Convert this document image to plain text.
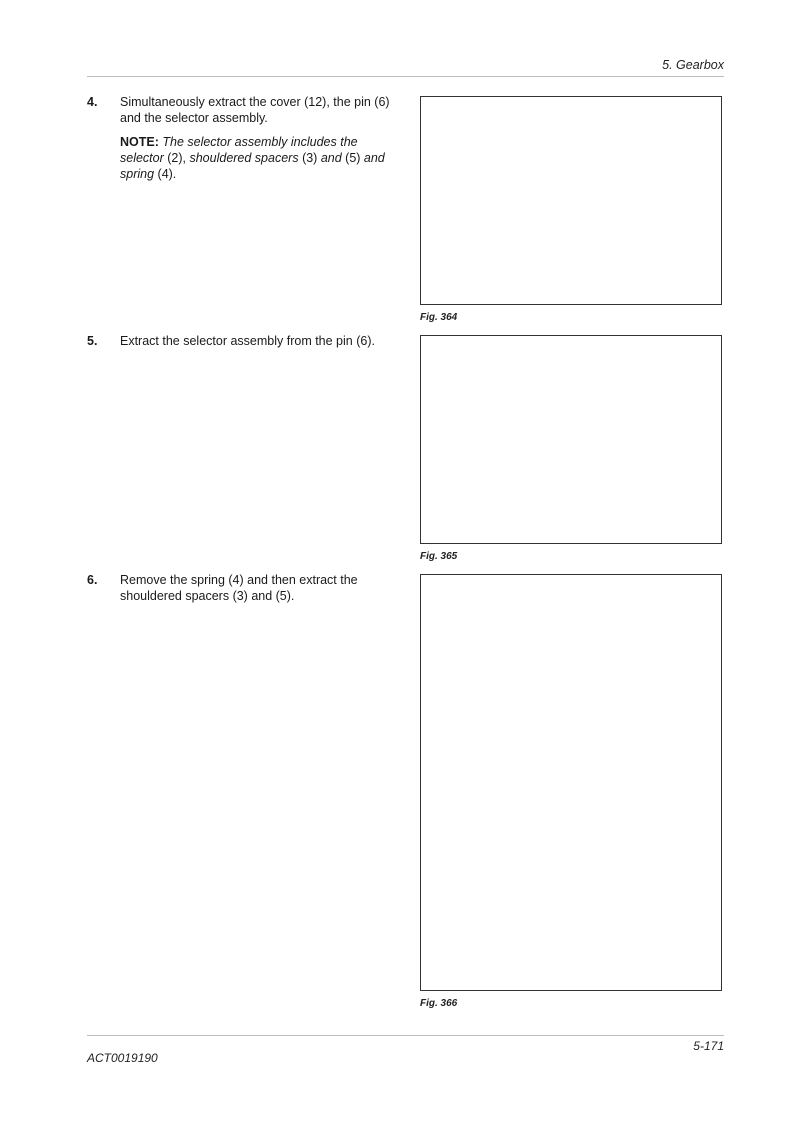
5. Gearbox
4. Simultaneously extract the cover (12), the pin (6) and the selector assembly.

NOTE: The selector assembly includes the selector (2), shouldered spacers (3) and (5) and spring (4).

Fig. 364
5. Extract the selector assembly from the pin (6).

Fig. 365
6. Remove the spring (4) and then extract the shouldered spacers (3) and (5).

Fig. 366
5-171
ACT0019190
